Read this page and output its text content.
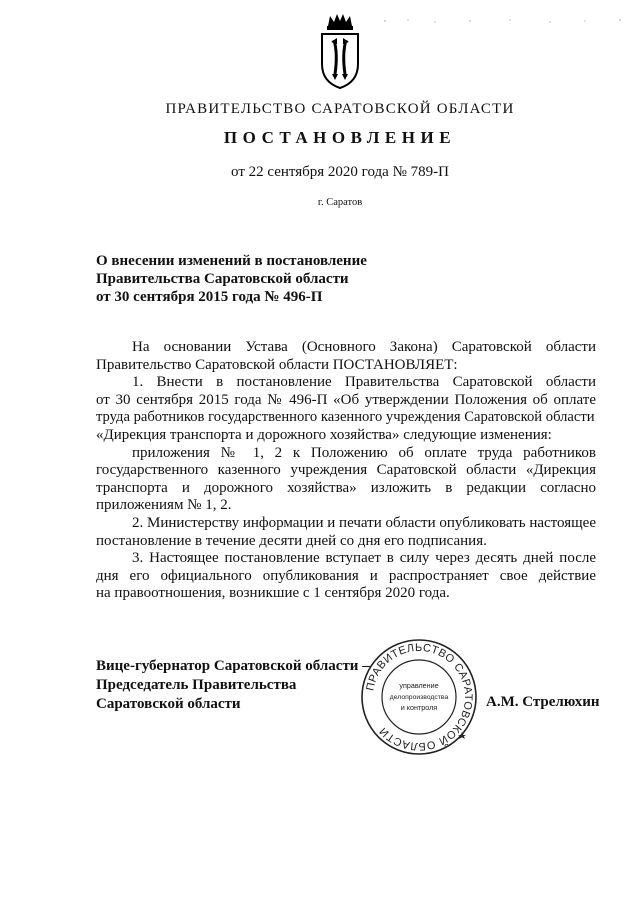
ПРАВИТЕЛЬСТВО САРАТОВСКОЙ ОБЛАСТИ
ПОСТАНОВЛЕНИЕ
от 22 сентября 2020 года № 789-П
г. Саратов
О внесении изменений в постановление
Правительства Саратовской области
от 30 сентября 2015 года № 496-П
На основании Устава (Основного Закона) Саратовской области
Правительство Саратовской области ПОСТАНОВЛЯЕТ:
1. Внести в постановление Правительства Саратовской области
от 30 сентября 2015 года № 496-П «Об утверждении Положения об оплате
труда работников государственного казенного учреждения Саратовской области
«Дирекция транспорта и дорожного хозяйства» следующие изменения:
приложения № 1, 2 к Положению об оплате труда работников
государственного казенного учреждения Саратовской области «Дирекция
транспорта и дорожного хозяйства» изложить в редакции согласно
приложениям № 1, 2.
2. Министерству информации и печати области опубликовать настоящее
постановление в течение десяти дней со дня его подписания.
3. Настоящее постановление вступает в силу через десять дней после
дня его официального опубликования и распространяет свое действие
на правоотношения, возникшие с 1 сентября 2020 года.
Вице-губернатор Саратовской области –
Председатель Правительства
Саратовской области
ПРАВИТЕЛЬСТВО САРАТОВСКОЙ ОБЛАСТИ
управление
делопроизводства
и контроля	А.М. Стрелюхин
